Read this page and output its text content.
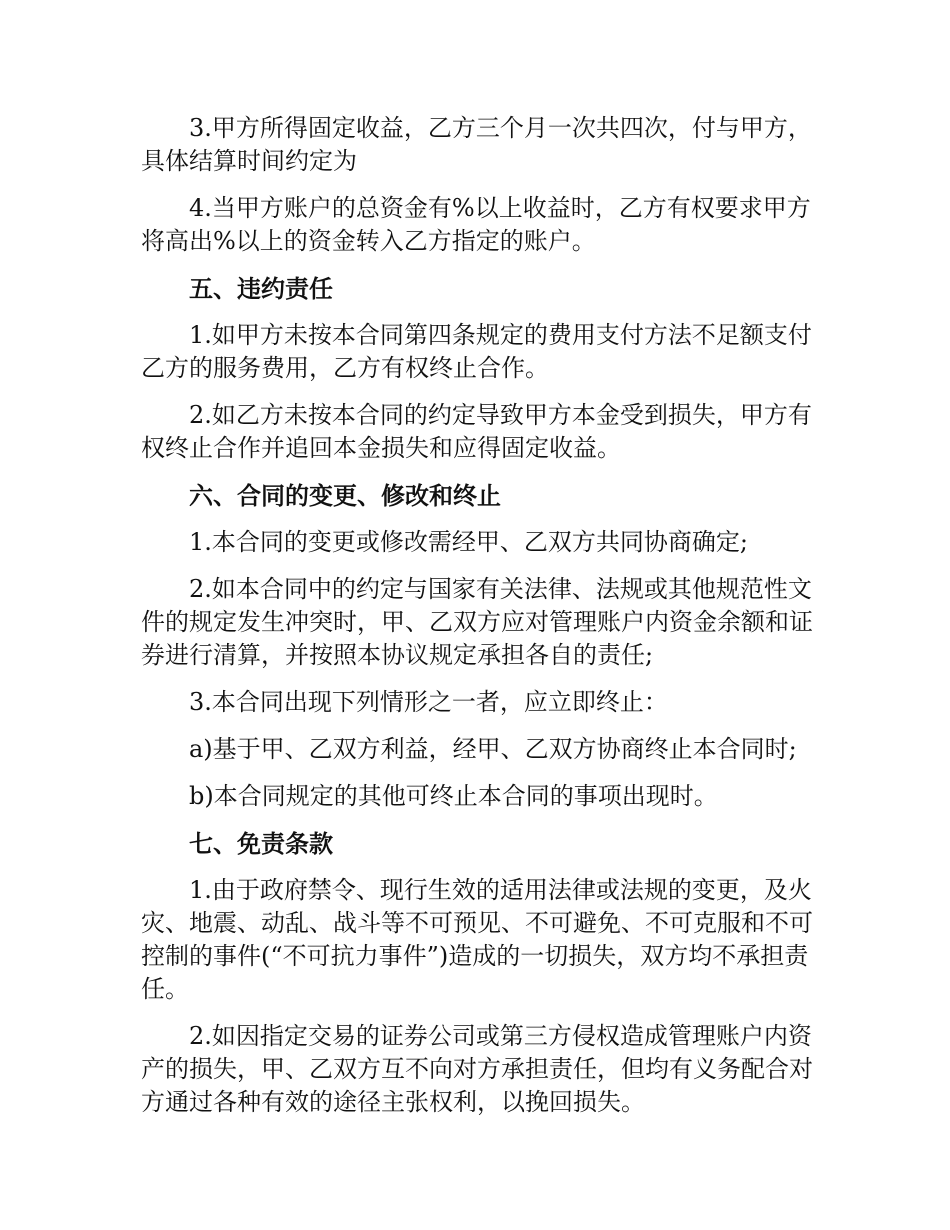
3.甲方所得固定收益，乙方三个月一次共四次，付与甲方，具体结算时间约定为

4.当甲方账户的总资金有%以上收益时，乙方有权要求甲方将高出%以上的资金转入乙方指定的账户。

五、违约责任

1.如甲方未按本合同第四条规定的费用支付方法不足额支付乙方的服务费用，乙方有权终止合作。

2.如乙方未按本合同的约定导致甲方本金受到损失，甲方有权终止合作并追回本金损失和应得固定收益。

六、合同的变更、修改和终止

1.本合同的变更或修改需经甲、乙双方共同协商确定;

2.如本合同中的约定与国家有关法律、法规或其他规范性文件的规定发生冲突时，甲、乙双方应对管理账户内资金余额和证券进行清算，并按照本协议规定承担各自的责任;

3.本合同出现下列情形之一者，应立即终止：

a)基于甲、乙双方利益，经甲、乙双方协商终止本合同时;

b)本合同规定的其他可终止本合同的事项出现时。

七、免责条款

1.由于政府禁令、现行生效的适用法律或法规的变更，及火灾、地震、动乱、战斗等不可预见、不可避免、不可克服和不可控制的事件(“不可抗力事件”)造成的一切损失，双方均不承担责任。

2.如因指定交易的证券公司或第三方侵权造成管理账户内资产的损失，甲、乙双方互不向对方承担责任，但均有义务配合对方通过各种有效的途径主张权利，以挽回损失。
